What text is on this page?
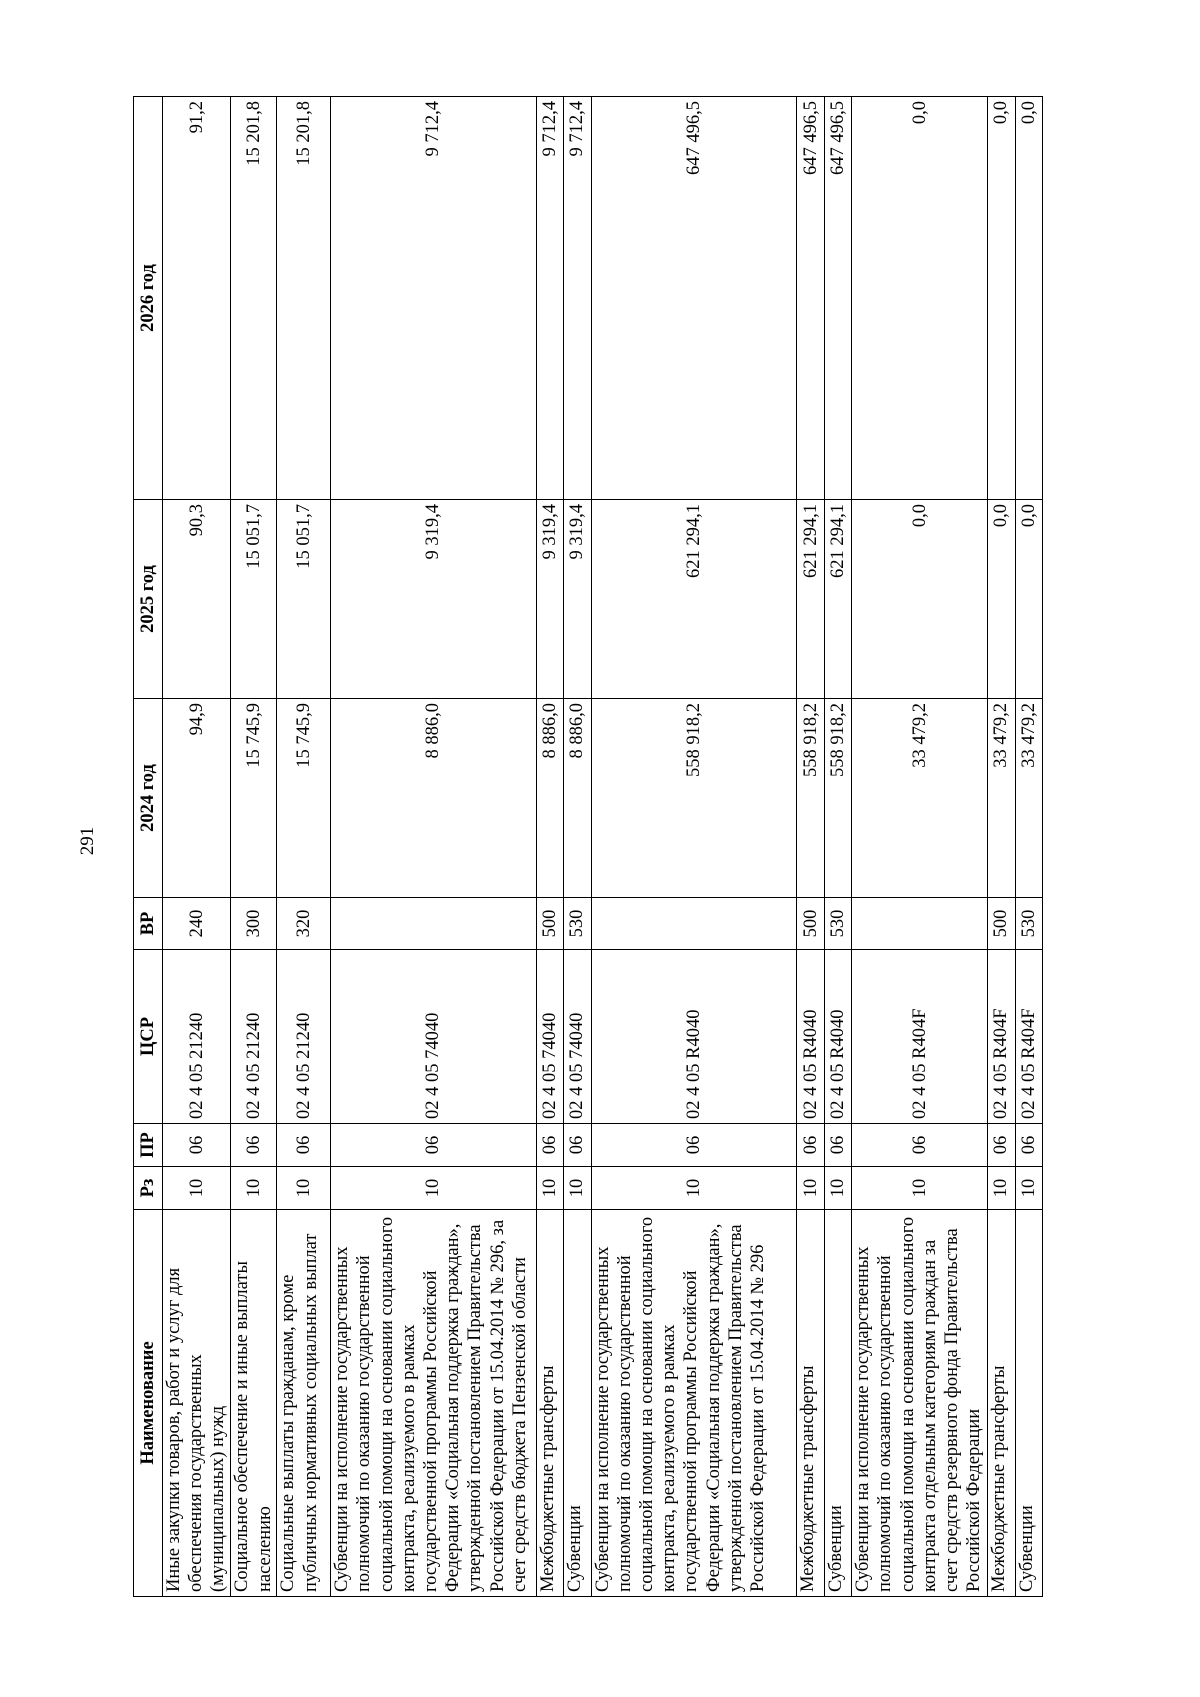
291
Наименование	Рз	ПР	ЦСР	ВР	2024 год	2025 год	2026 год
Иные закупки товаров, работ и услуг для обеспечения государственных (муниципальных) нужд	10	06	02 4 05 21240	240	94,9	90,3	91,2
Социальное обеспечение и иные выплаты населению	10	06	02 4 05 21240	300	15 745,9	15 051,7	15 201,8
Социальные выплаты гражданам, кроме публичных нормативных социальных выплат	10	06	02 4 05 21240	320	15 745,9	15 051,7	15 201,8
Субвенции на исполнение государственных полномочий по оказанию государственной социальной помощи на основании социального контракта, реализуемого в рамках государственной программы Российской Федерации «Социальная поддержка граждан», утвержденной постановлением Правительства Российской Федерации от 15.04.2014 № 296, за счет средств бюджета Пензенской области	10	06	02 4 05 74040		8 886,0	9 319,4	9 712,4
Межбюджетные трансферты	10	06	02 4 05 74040	500	8 886,0	9 319,4	9 712,4
Субвенции	10	06	02 4 05 74040	530	8 886,0	9 319,4	9 712,4
Субвенции на исполнение государственных полномочий по оказанию государственной социальной помощи на основании социального контракта, реализуемого в рамках государственной программы Российской Федерации «Социальная поддержка граждан», утвержденной постановлением Правительства Российской Федерации от 15.04.2014 № 296	10	06	02 4 05 R4040		558 918,2	621 294,1	647 496,5
Межбюджетные трансферты	10	06	02 4 05 R4040	500	558 918,2	621 294,1	647 496,5
Субвенции	10	06	02 4 05 R4040	530	558 918,2	621 294,1	647 496,5
Субвенции на исполнение государственных полномочий по оказанию государственной социальной помощи на основании социального контракта отдельным категориям граждан за счет средств резервного фонда Правительства Российской Федерации	10	06	02 4 05 R404F		33 479,2	0,0	0,0
Межбюджетные трансферты	10	06	02 4 05 R404F	500	33 479,2	0,0	0,0
Субвенции	10	06	02 4 05 R404F	530	33 479,2	0,0	0,0
